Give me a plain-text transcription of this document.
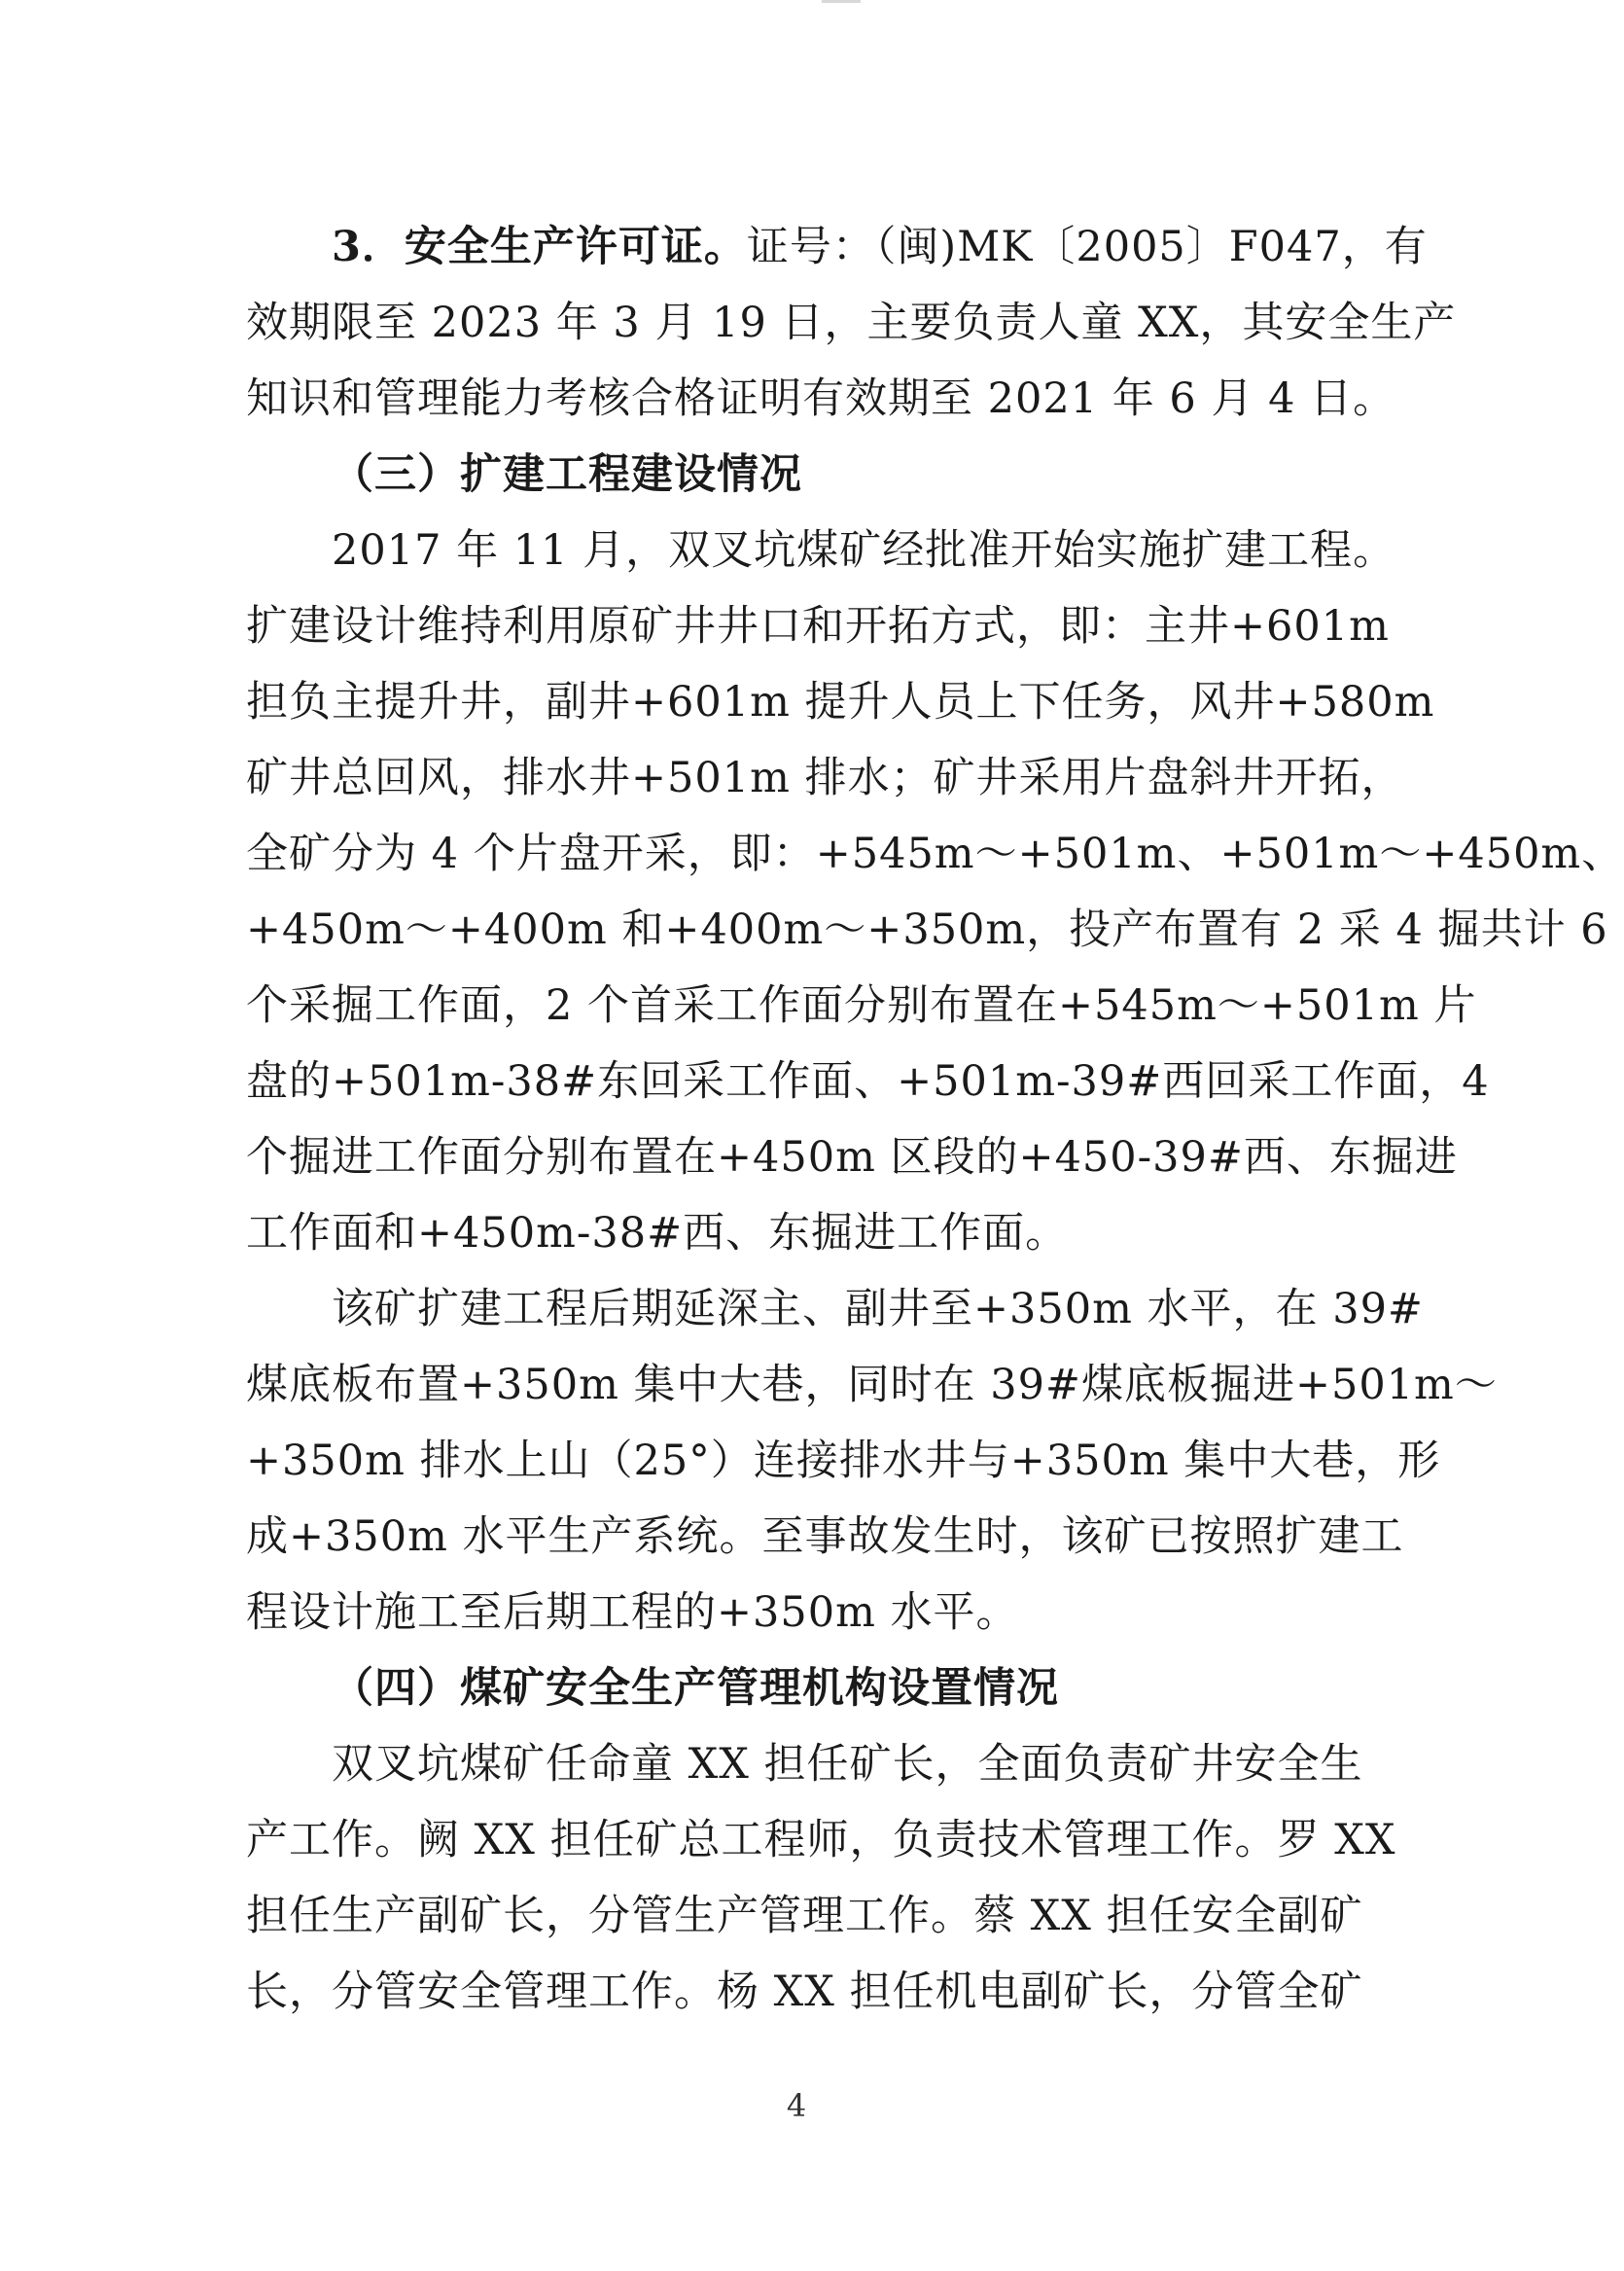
3．安全生产许可证。证号：（闽)MK〔2005〕F047，有
效期限至 2023 年 3 月 19 日，主要负责人童 XX，其安全生产
知识和管理能力考核合格证明有效期至 2021 年 6 月 4 日。
（三）扩建工程建设情况
2017 年 11 月，双叉坑煤矿经批准开始实施扩建工程。
扩建设计维持利用原矿井井口和开拓方式，即：主井+601m
担负主提升井，副井+601m 提升人员上下任务，风井+580m
矿井总回风，排水井+501m 排水；矿井采用片盘斜井开拓，
全矿分为 4 个片盘开采，即：+545m～+501m、+501m～+450m、
+450m～+400m 和+400m～+350m，投产布置有 2 采 4 掘共计 6
个采掘工作面，2 个首采工作面分别布置在+545m～+501m 片
盘的+501m-38#东回采工作面、+501m-39#西回采工作面，4
个掘进工作面分别布置在+450m 区段的+450-39#西、东掘进
工作面和+450m-38#西、东掘进工作面。
该矿扩建工程后期延深主、副井至+350m 水平，在 39#
煤底板布置+350m 集中大巷，同时在 39#煤底板掘进+501m～
+350m 排水上山（25°）连接排水井与+350m 集中大巷，形
成+350m 水平生产系统。至事故发生时，该矿已按照扩建工
程设计施工至后期工程的+350m 水平。
（四）煤矿安全生产管理机构设置情况
双叉坑煤矿任命童 XX 担任矿长，全面负责矿井安全生
产工作。阙 XX 担任矿总工程师，负责技术管理工作。罗 XX
担任生产副矿长，分管生产管理工作。蔡 XX 担任安全副矿
长，分管安全管理工作。杨 XX 担任机电副矿长，分管全矿
4
